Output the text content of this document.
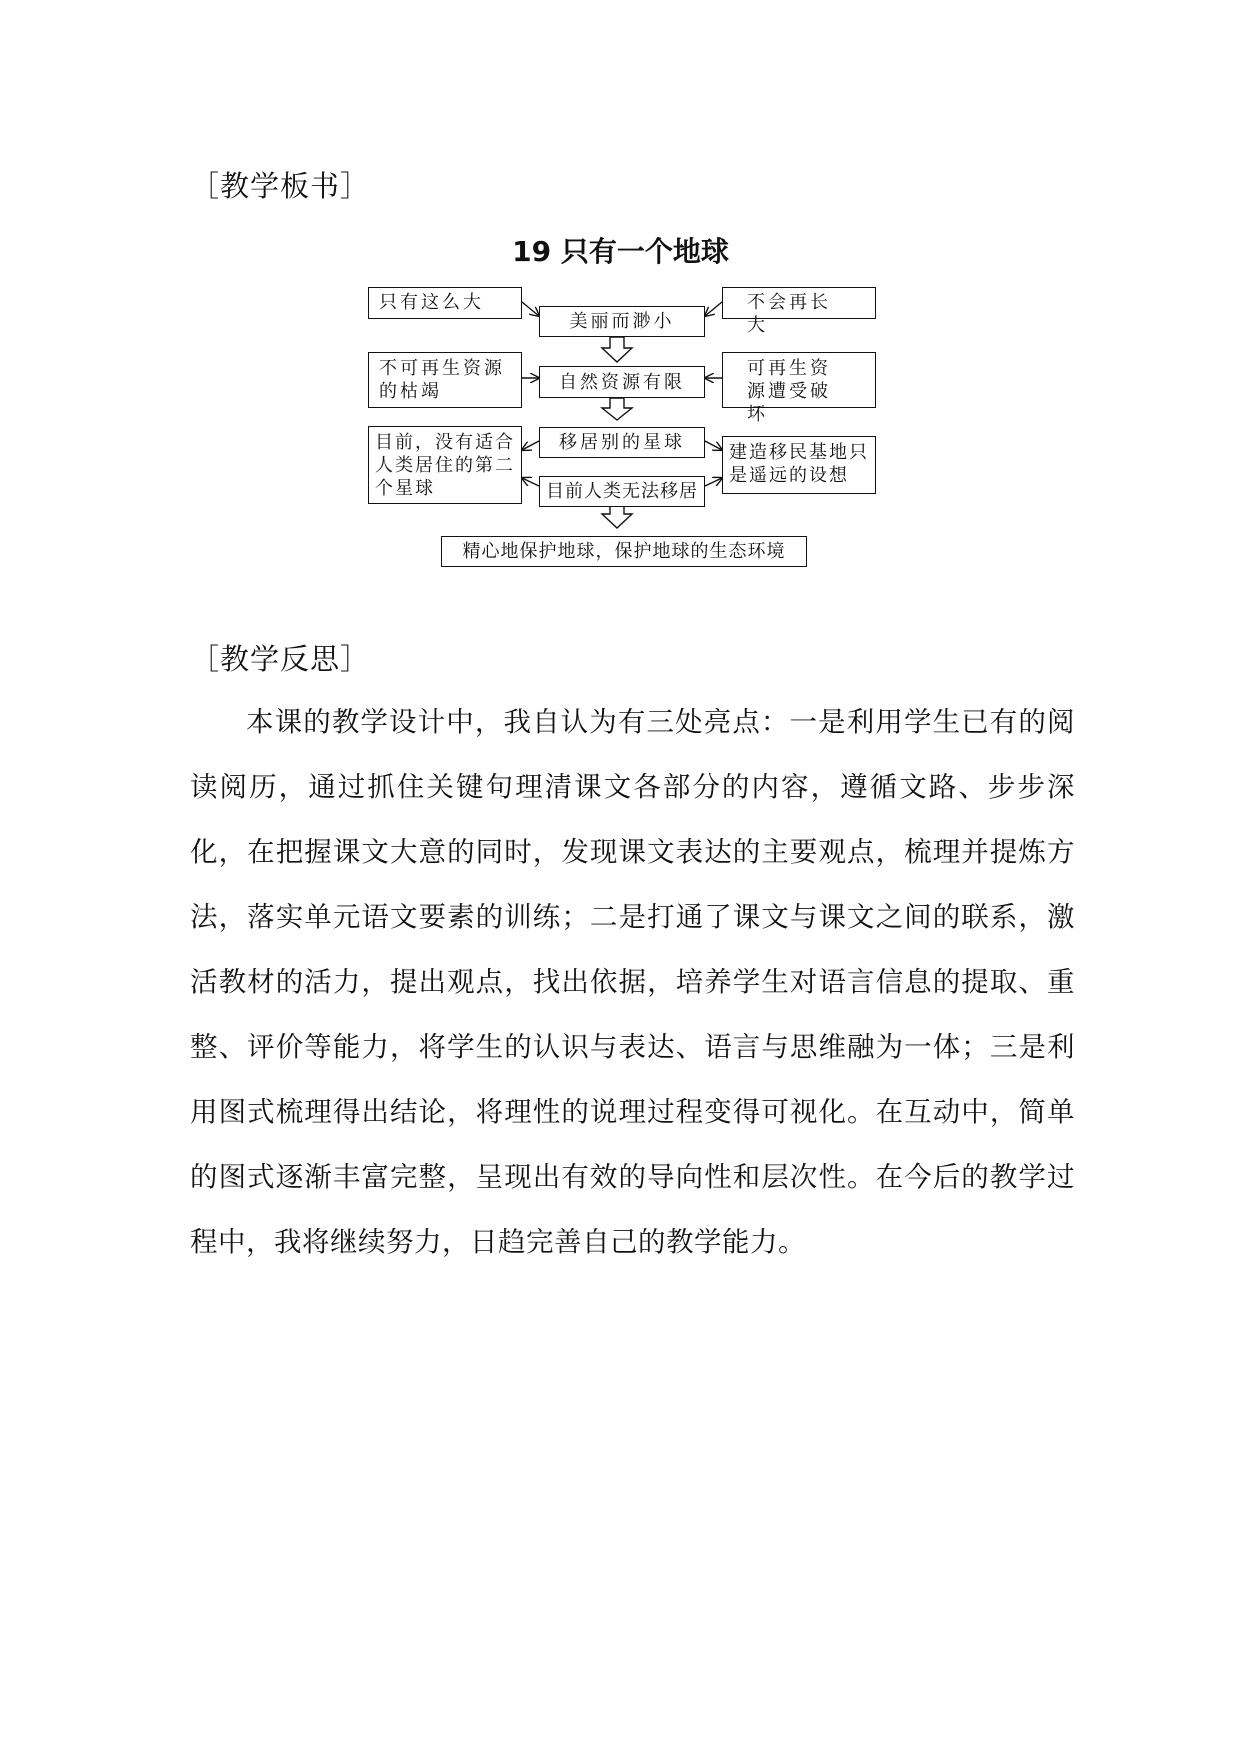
［教学板书］
19 只有一个地球
只有这么大
不可再生资源的枯竭
目前，没有适合人类居住的第二个星球
不会再长大
可再生资源遭受破坏
建造移民基地只是遥远的设想
美丽而渺小
自然资源有限
移居别的星球
目前人类无法移居
精心地保护地球，保护地球的生态环境
［教学反思］
本课的教学设计中，我自认为有三处亮点：一是利用学生已有的阅读阅历，通过抓住关键句理清课文各部分的内容，遵循文路、步步深化，在把握课文大意的同时，发现课文表达的主要观点，梳理并提炼方法，落实单元语文要素的训练；二是打通了课文与课文之间的联系，激活教材的活力，提出观点，找出依据，培养学生对语言信息的提取、重整、评价等能力，将学生的认识与表达、语言与思维融为一体；三是利用图式梳理得出结论，将理性的说理过程变得可视化。在互动中，简单的图式逐渐丰富完整，呈现出有效的导向性和层次性。在今后的教学过程中，我将继续努力，日趋完善自己的教学能力。
